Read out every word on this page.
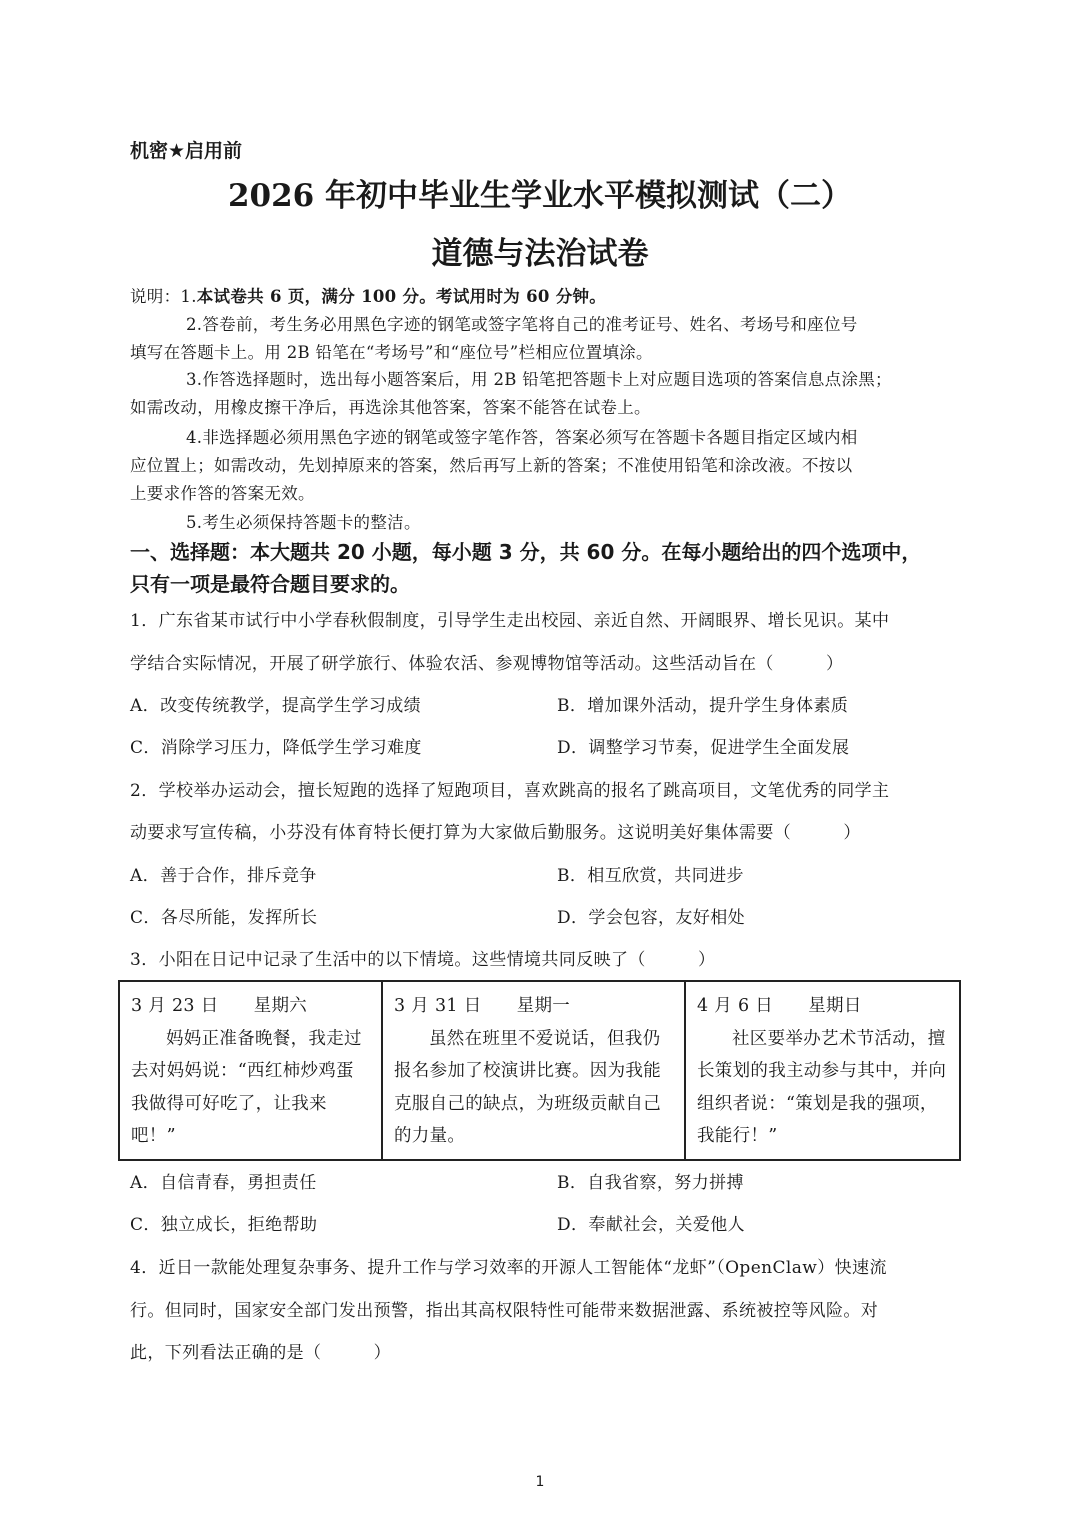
机密★启用前
2026 年初中毕业生学业水平模拟测试（二）
道德与法治试卷
说明：1.本试卷共 6 页，满分 100 分。考试用时为 60 分钟。
2.答卷前，考生务必用黑色字迹的钢笔或签字笔将自己的准考证号、姓名、考场号和座位号
填写在答题卡上。用 2B 铅笔在“考场号”和“座位号”栏相应位置填涂。
3.作答选择题时，选出每小题答案后，用 2B 铅笔把答题卡上对应题目选项的答案信息点涂黑；
如需改动，用橡皮擦干净后，再选涂其他答案，答案不能答在试卷上。
4.非选择题必须用黑色字迹的钢笔或签字笔作答，答案必须写在答题卡各题目指定区域内相
应位置上；如需改动，先划掉原来的答案，然后再写上新的答案；不准使用铅笔和涂改液。不按以
上要求作答的答案无效。
5.考生必须保持答题卡的整洁。
一、选择题：本大题共 20 小题，每小题 3 分，共 60 分。在每小题给出的四个选项中，
只有一项是最符合题目要求的。
1．广东省某市试行中小学春秋假制度，引导学生走出校园、亲近自然、开阔眼界、增长见识。某中
学结合实际情况，开展了研学旅行、体验农活、参观博物馆等活动。这些活动旨在（　　　）
A．改变传统教学，提高学生学习成绩	B．增加课外活动，提升学生身体素质
C．消除学习压力，降低学生学习难度	D．调整学习节奏，促进学生全面发展
2．学校举办运动会，擅长短跑的选择了短跑项目，喜欢跳高的报名了跳高项目，文笔优秀的同学主
动要求写宣传稿，小芬没有体育特长便打算为大家做后勤服务。这说明美好集体需要（　　　）
A．善于合作，排斥竞争	B．相互欣赏，共同进步
C．各尽所能，发挥所长	D．学会包容，友好相处
3．小阳在日记中记录了生活中的以下情境。这些情境共同反映了（　　　）
3 月 23 日 星期六
妈妈正准备晚餐，我走过去对妈妈说：“西红柿炒鸡蛋我做得可好吃了，让我来吧！”

3 月 31 日 星期一
虽然在班里不爱说话，但我仍报名参加了校演讲比赛。因为我能克服自己的缺点，为班级贡献自己的力量。

4 月 6 日 星期日
社区要举办艺术节活动，擅长策划的我主动参与其中，并向组织者说：“策划是我的强项，我能行！”
A．自信青春，勇担责任	B．自我省察，努力拼搏
C．独立成长，拒绝帮助	D．奉献社会，关爱他人
4．近日一款能处理复杂事务、提升工作与学习效率的开源人工智能体“龙虾”（OpenClaw）快速流
行。但同时，国家安全部门发出预警，指出其高权限特性可能带来数据泄露、系统被控等风险。对
此，下列看法正确的是（　　　）
1
